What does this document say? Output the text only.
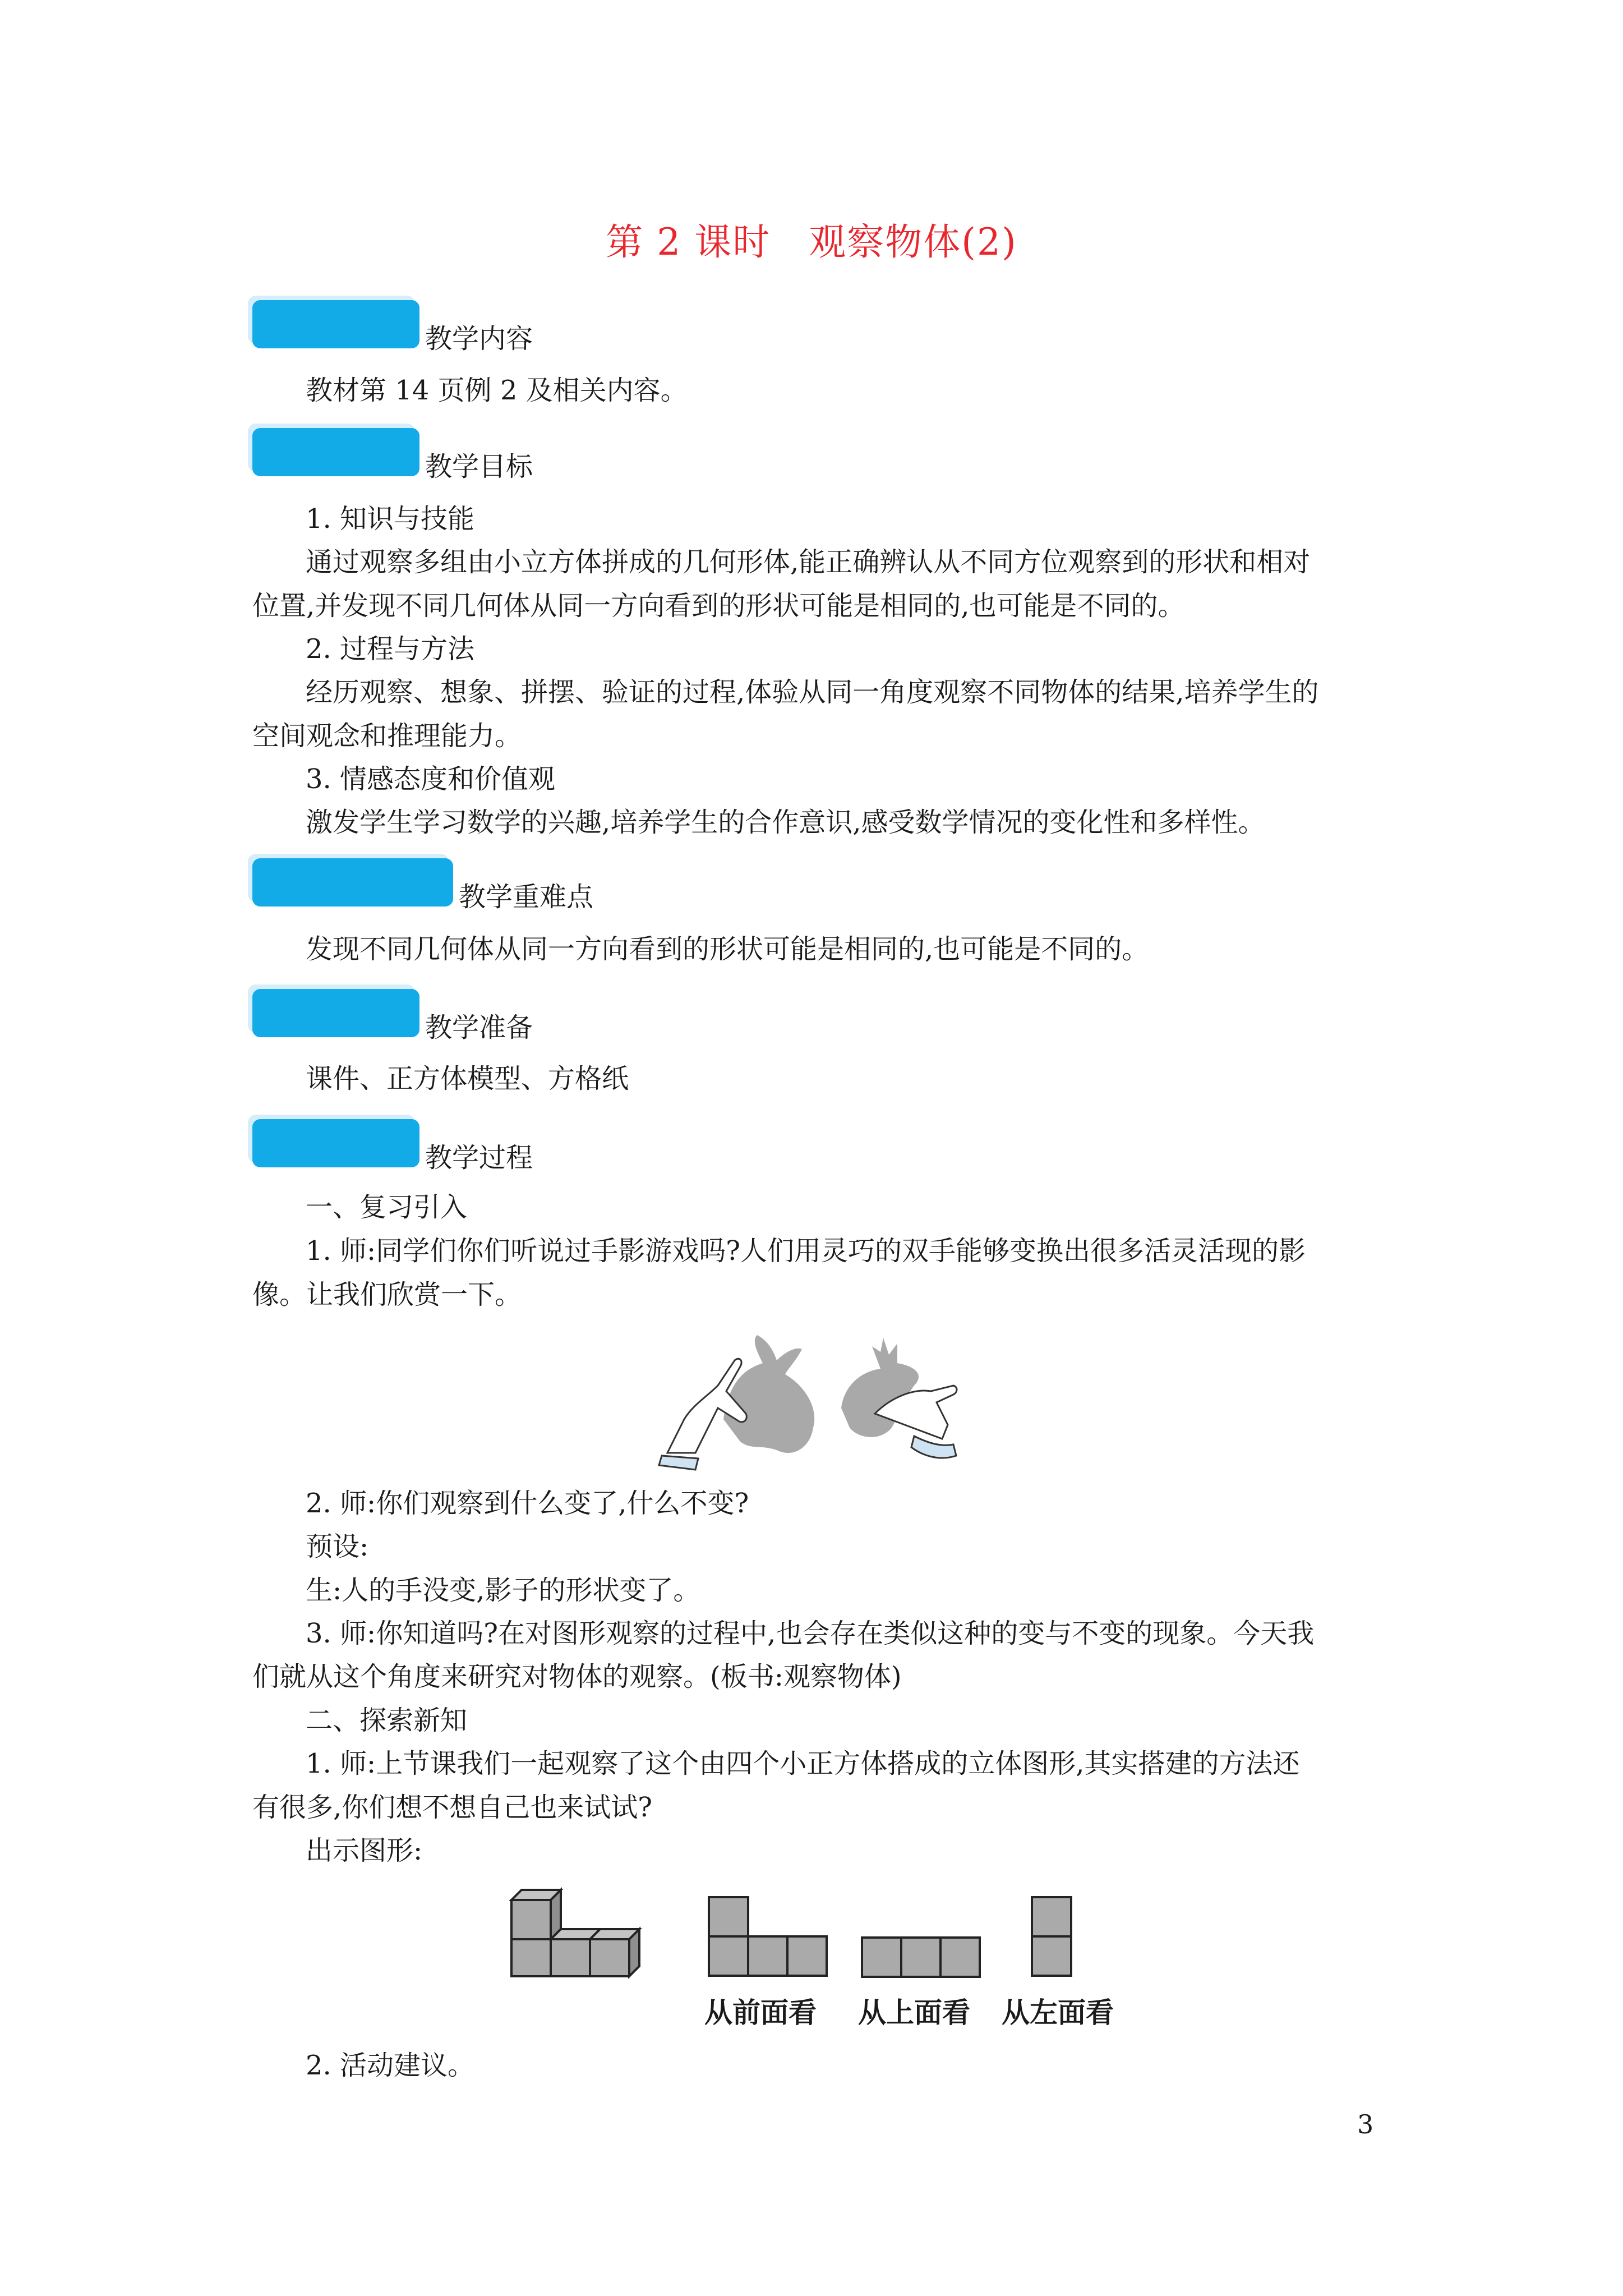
第 2 课时　观察物体(2)
教学内容
教材第 14 页例 2 及相关内容。
教学目标
1. 知识与技能
通过观察多组由小立方体拼成的几何形体,能正确辨认从不同方位观察到的形状和相对
位置,并发现不同几何体从同一方向看到的形状可能是相同的,也可能是不同的。
2. 过程与方法
经历观察、想象、拼摆、验证的过程,体验从同一角度观察不同物体的结果,培养学生的
空间观念和推理能力。
3. 情感态度和价值观
激发学生学习数学的兴趣,培养学生的合作意识,感受数学情况的变化性和多样性。
教学重难点
发现不同几何体从同一方向看到的形状可能是相同的,也可能是不同的。
教学准备
课件、正方体模型、方格纸
教学过程
一、复习引入
1. 师:同学们你们听说过手影游戏吗?人们用灵巧的双手能够变换出很多活灵活现的影
像。让我们欣赏一下。
2. 师:你们观察到什么变了,什么不变?
预设:
生:人的手没变,影子的形状变了。
3. 师:你知道吗?在对图形观察的过程中,也会存在类似这种的变与不变的现象。今天我
们就从这个角度来研究对物体的观察。(板书:观察物体)
二、探索新知
1. 师:上节课我们一起观察了这个由四个小正方体搭成的立体图形,其实搭建的方法还
有很多,你们想不想自己也来试试?
出示图形:
从前面看 从上面看 从左面看
2. 活动建议。
3
